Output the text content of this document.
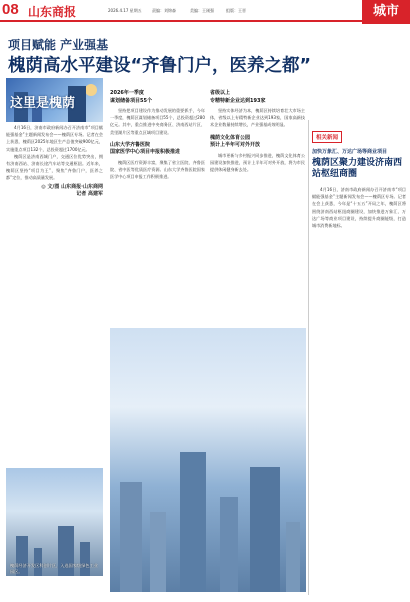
08 山东商报	2026.4.17 星期五	责编：刘锦森	美编：王刚强	组版：王晋	城市
项目赋能 产业强基
槐荫高水平建设“齐鲁门户，医养之都”
这里是槐荫

4月16日，济南市政府新闻办召开济南市“项目赋能强基金”主题新闻发布会——槐荫区专场。记者在会上获悉，槐荫区2025年地区生产总值突破900亿元，实施重点项目132个，总投资超过1700亿元。

槐荫区是济南西城门户，交通区位优势突出，拥有济南西站、济南长途汽车站等交通枢纽。近年来，槐荫区坚持“项目为王”，聚焦“齐鲁门户，医养之都”定位，推动高质量发展。

◎ 文/图 山东商报·山东商网
记者 高建军

槐荫经济开发区科创片区，入选国家级绿色工业园区。
2026年一季度
谋划储备项目55个

坚持把项目建设作为推动发展的重要抓手，今年一季度，槐荫区谋划储备项目55个，总投资超过280亿元。其中，重点推进中央商务区、济南西站片区、美里湖片区等重点区域项目建设。

山东大学齐鲁医院
国家医学中心项目申报积极推进

槐荫区医疗资源丰富，聚集了省立医院、齐鲁医院、省中医等优质医疗资源。山东大学齐鲁医院国家医学中心项目申报工作积极推进。

省级以上
专精特新企业达到193家

坚持实体经济为本，槐荫区持续培育壮大市场主体，省级以上专精特新企业达到193家，国家高新技术企业数量持续增长，产业强基成效明显。

槐荫文化体育公园
预计上半年可对外开放

城市更新与乡村振兴同步推进，槐荫文化体育公园建设加快推进，预计上半年可对外开放，将为市民提供休闲健身新去处。

相关新闻
加快万象汇、万达广场等商业项目
槐荫区聚力建设济南西站枢纽商圈

4月16日，济南市政府新闻办召开济南市“项目赋能强基金”主题新闻发布会——槐荫区专场。记者在会上获悉，今年是“十五五”开局之年，槐荫区将围绕济南西站枢纽商圈建设，加快推进万象汇、万达广场等商业项目建设，持续提升商圈能级，打造城市消费新地标。
